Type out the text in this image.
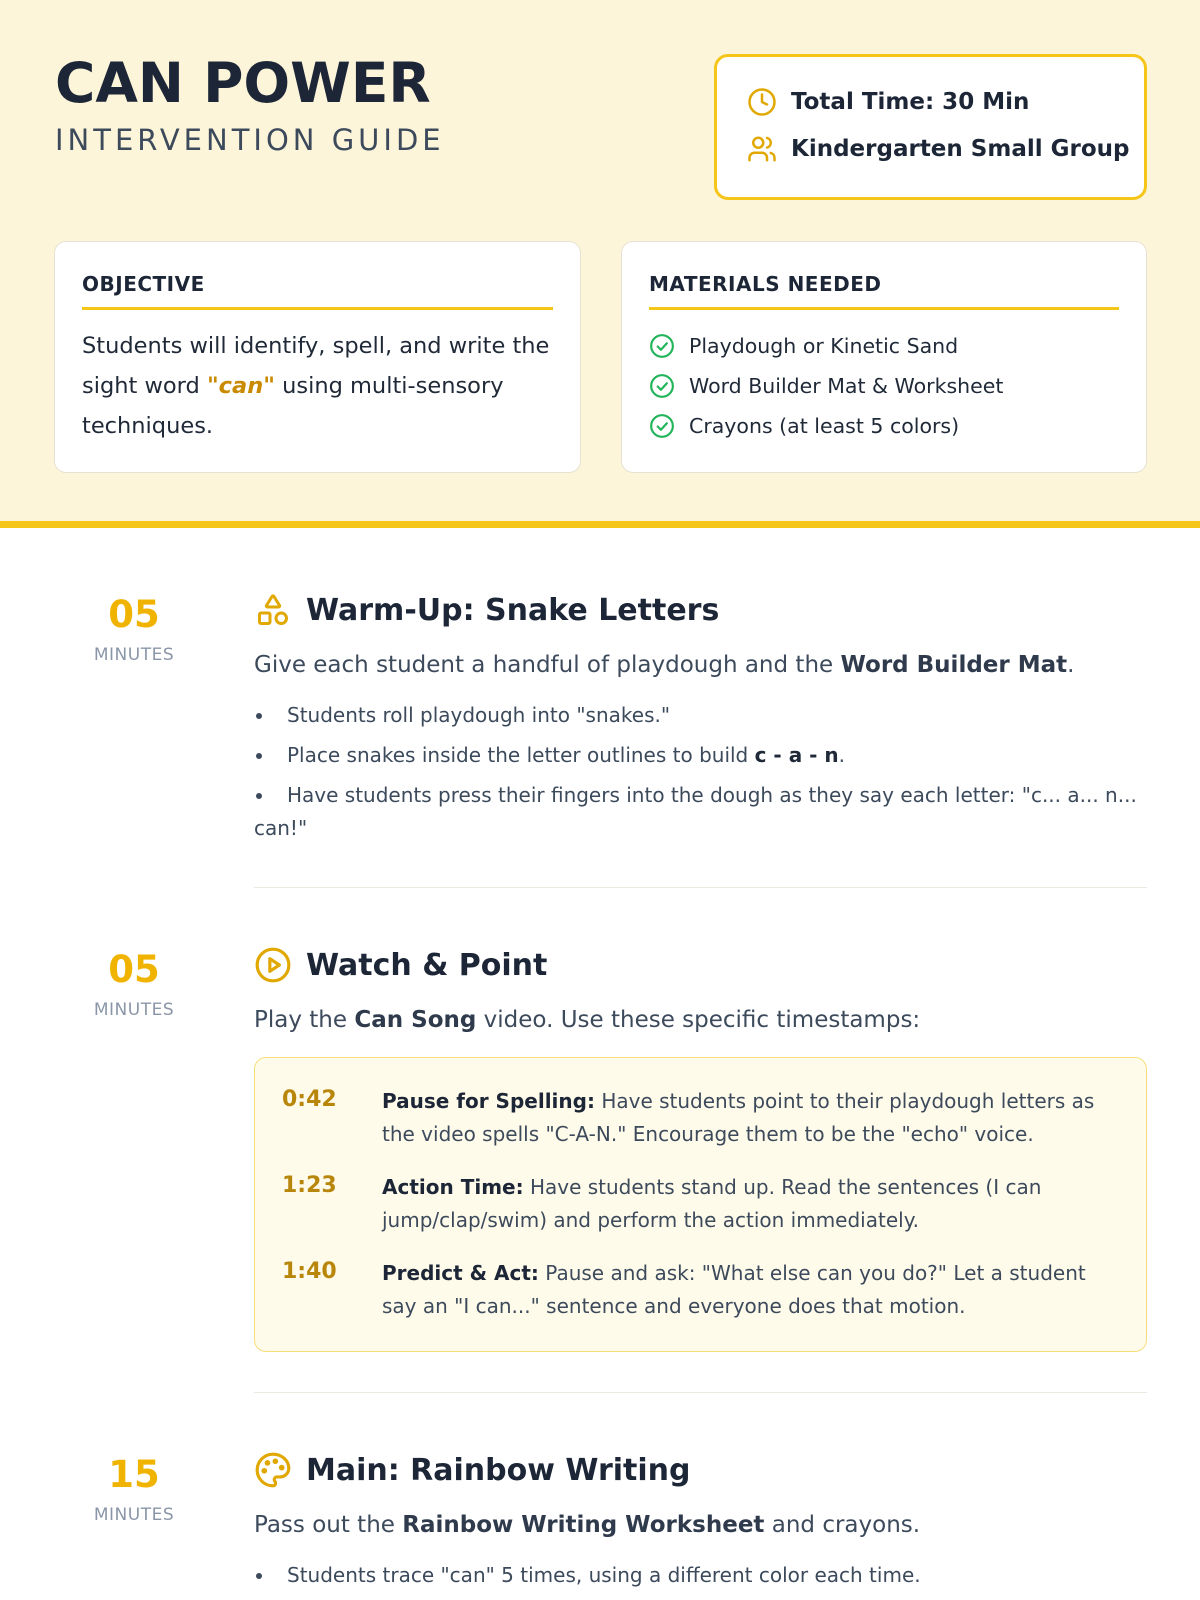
CAN POWER
INTERVENTION GUIDE
Total Time: 30 Min
Kindergarten Small Group
OBJECTIVE
Students will identify, spell, and write the sight word "can" using multi-sensory techniques.
MATERIALS NEEDED
Playdough or Kinetic Sand
Word Builder Mat & Worksheet
Crayons (at least 5 colors)
05
MINUTES
Warm-Up: Snake Letters
Give each student a handful of playdough and the Word Builder Mat.
Students roll playdough into "snakes."
Place snakes inside the letter outlines to build c - a - n.
Have students press their fingers into the dough as they say each letter: "c... a... n... can!"
05
MINUTES
Watch & Point
Play the Can Song video. Use these specific timestamps:
0:42 Pause for Spelling: Have students point to their playdough letters as the video spells "C-A-N." Encourage them to be the "echo" voice.
1:23 Action Time: Have students stand up. Read the sentences (I can jump/clap/swim) and perform the action immediately.
1:40 Predict & Act: Pause and ask: "What else can you do?" Let a student say an "I can..." sentence and everyone does that motion.
15
MINUTES
Main: Rainbow Writing
Pass out the Rainbow Writing Worksheet and crayons.
Students trace "can" 5 times, using a different color each time.
